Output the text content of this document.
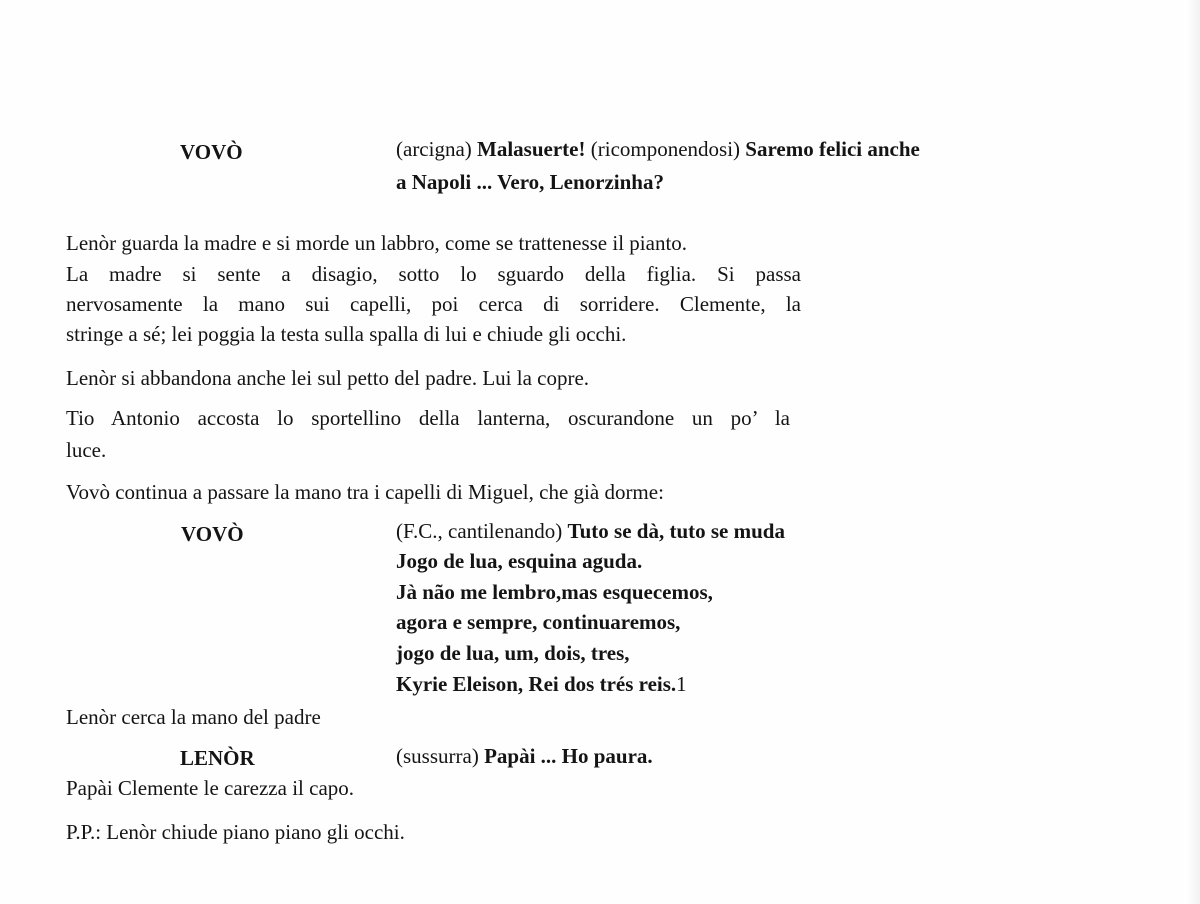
VOVÒ	(arcigna) Malasuerte! (ricomponendosi) Saremo felici anche
a Napoli ... Vero, Lenorzinha?
Lenòr guarda la madre e si morde un labbro, come se trattenesse il pianto.
La madre si sente a disagio, sotto lo sguardo della figlia. Si passa
nervosamente la mano sui capelli, poi cerca di sorridere. Clemente, la
stringe a sé; lei poggia la testa sulla spalla di lui e chiude gli occhi.
Lenòr si abbandona anche lei sul petto del padre. Lui la copre.
Tio Antonio accosta lo sportellino della lanterna, oscurandone un po’ la
luce.
Vovò continua a passare la mano tra i capelli di Miguel, che già dorme:
VOVÒ	(F.C., cantilenando) Tuto se dà, tuto se muda
Jogo de lua, esquina aguda.
Jà não me lembro,mas esquecemos,
agora e sempre, continuaremos,
jogo de lua, um, dois, tres,
Kyrie Eleison, Rei dos trés reis.1
Lenòr cerca la mano del padre
LENÒR	(sussurra) Papài ... Ho paura.
Papài Clemente le carezza il capo.
P.P.: Lenòr chiude piano piano gli occhi.
